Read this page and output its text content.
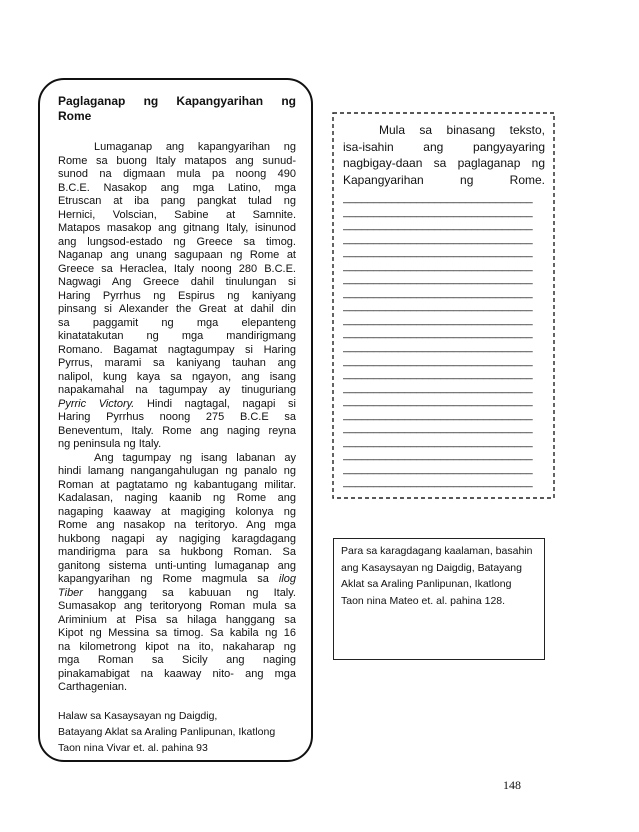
Paglaganap ng Kapangyarihan ng
Rome
Lumaganap ang kapangyarihan ng
Rome sa buong Italy matapos ang sunud-
sunod na digmaan mula pa noong 490
B.C.E. Nasakop ang mga Latino, mga
Etruscan at iba pang pangkat tulad ng
Hernici, Volscian, Sabine at Samnite.
Matapos masakop ang gitnang Italy, isinunod
ang lungsod-estado ng Greece sa timog.
Naganap ang unang sagupaan ng Rome at
Greece sa Heraclea, Italy noong 280 B.C.E.
Nagwagi Ang Greece dahil tinulungan si
Haring Pyrrhus ng Espirus ng kaniyang
pinsang si Alexander the Great at dahil din
sa paggamit ng mga elepanteng
kinatatakutan ng mga mandirigmang
Romano. Bagamat nagtagumpay si Haring
Pyrrus, marami sa kaniyang tauhan ang
nalipol, kung kaya sa ngayon, ang isang
napakamahal na tagumpay ay tinuguriang
Pyrric Victory. Hindi nagtagal, nagapi si
Haring Pyrrhus noong 275 B.C.E sa
Beneventum, Italy. Rome ang naging reyna
ng peninsula ng Italy.
Ang tagumpay ng isang labanan ay
hindi lamang nangangahulugan ng panalo ng
Roman at pagtatamo ng kabantugang militar.
Kadalasan, naging kaanib ng Rome ang
nagaping kaaway at magiging kolonya ng
Rome ang nasakop na teritoryo. Ang mga
hukbong nagapi ay nagiging karagdagang
mandirigma para sa hukbong Roman. Sa
ganitong sistema unti-unting lumaganap ang
kapangyarihan ng Rome magmula sa ilog
Tiber hanggang sa kabuuan ng Italy.
Sumasakop ang teritoryong Roman mula sa
Ariminium at Pisa sa hilaga hanggang sa
Kipot ng Messina sa timog. Sa kabila ng 16
na kilometrong kipot na ito, nakaharap ng
mga Roman sa Sicily ang naging
pinakamabigat na kaaway nito- ang mga
Carthagenian.
Halaw sa Kasaysayan ng Daigdig,
Batayang Aklat sa Araling Panlipunan, Ikatlong
Taon nina Vivar et. al. pahina 93
Mula sa binasang teksto,
isa-isahin ang pangyayaring
nagbigay-daan sa paglaganap ng
Kapangyarihan ng Rome.
_______________________________
_______________________________
_______________________________
_______________________________
_______________________________
_______________________________
_______________________________
_______________________________
_______________________________
_______________________________
_______________________________
_______________________________
_______________________________
_______________________________
_______________________________
_______________________________
_______________________________
_______________________________
_______________________________
_______________________________
_______________________________
_______________________________
Para sa karagdagang kaalaman, basahin
ang Kasaysayan ng Daigdig, Batayang
Aklat sa Araling Panlipunan, Ikatlong
Taon nina Mateo et. al. pahina 128.
148
